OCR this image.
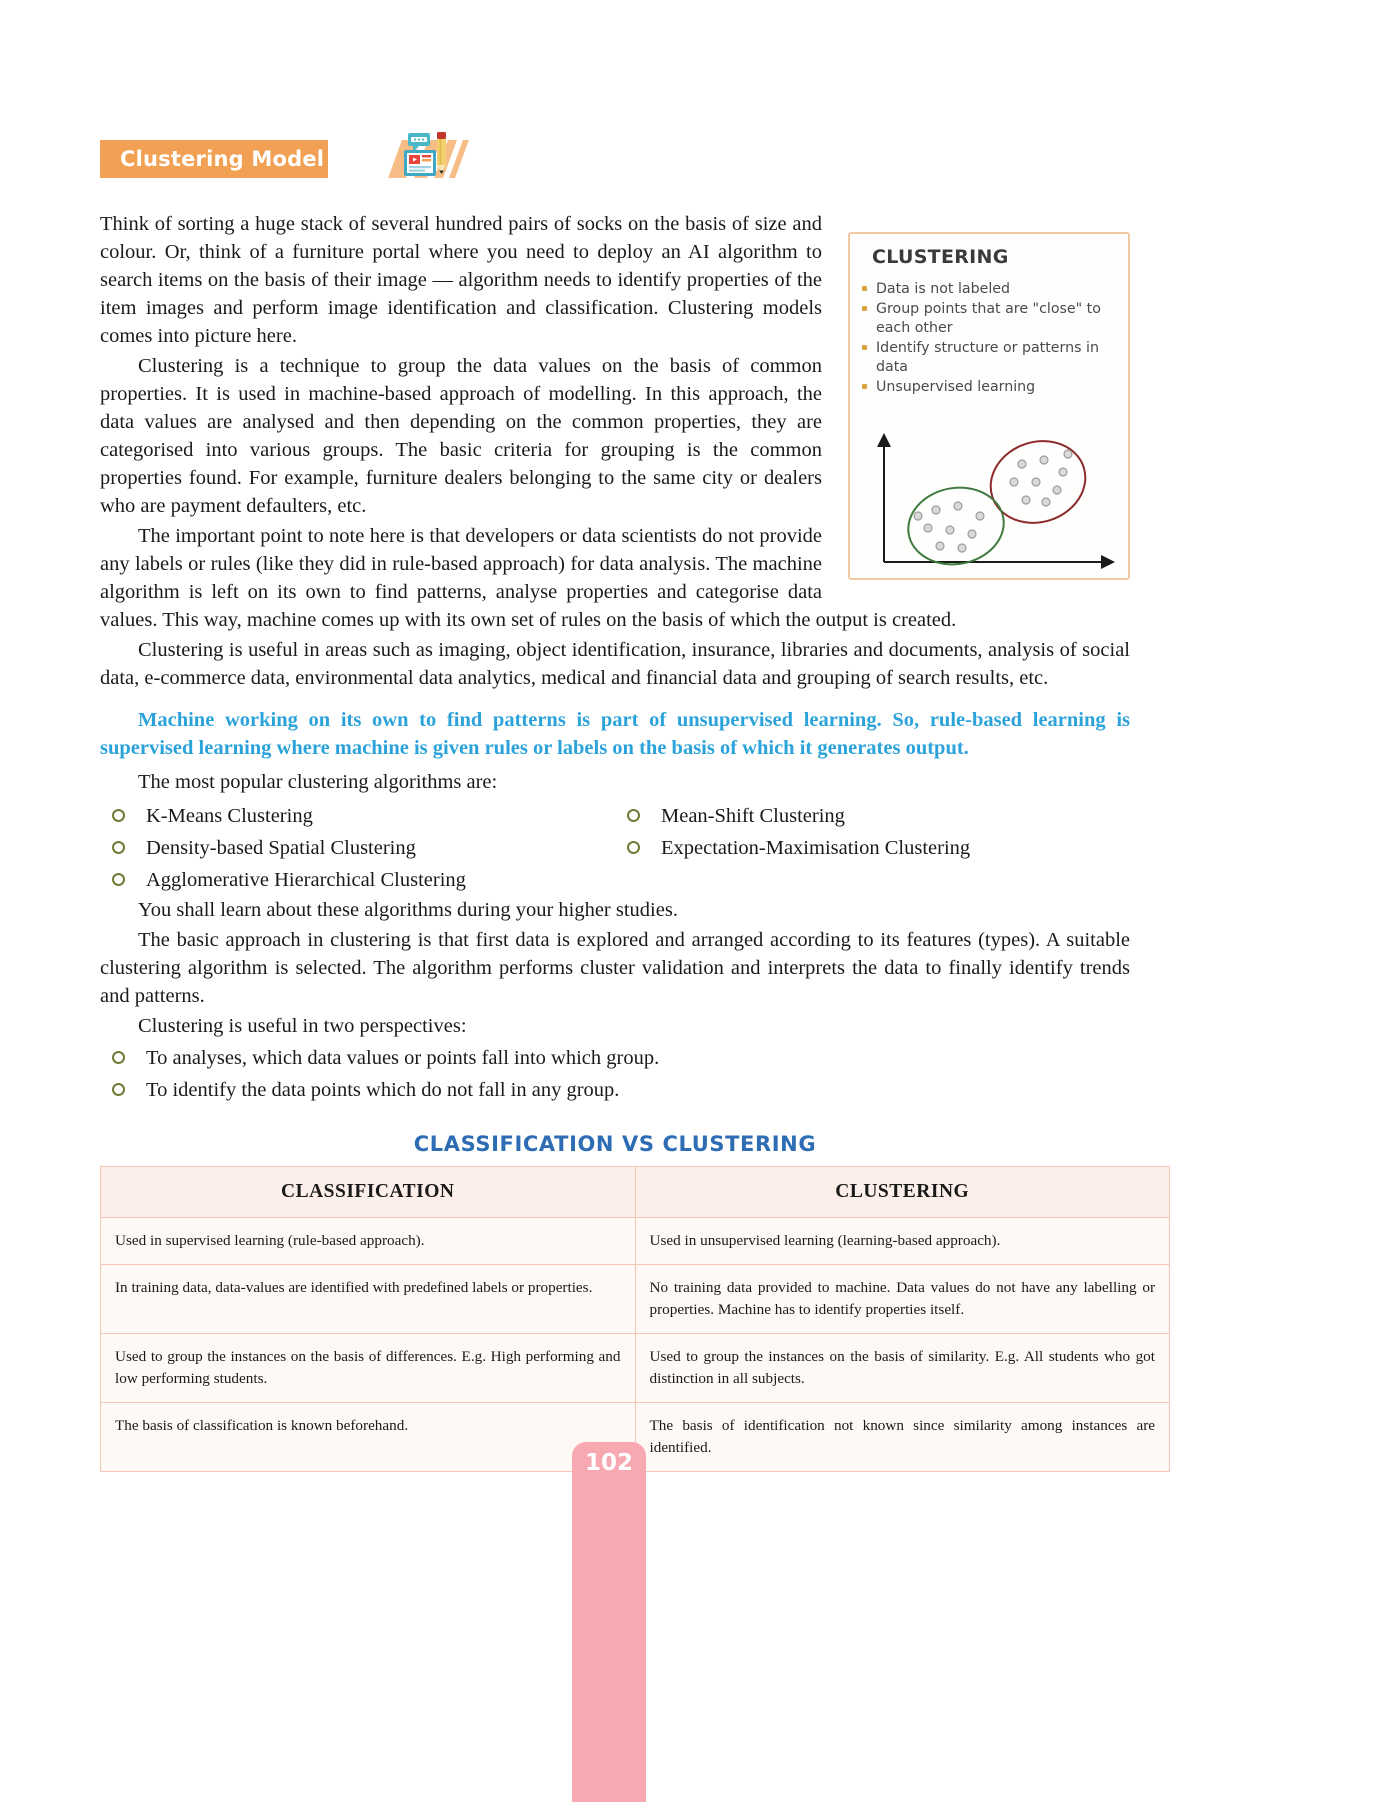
Clustering Model
CLUSTERING
Data is not labeled
Group points that are "close" to each other
Identify structure or patterns in data
Unsupervised learning

Think of sorting a huge stack of several hundred pairs of socks on the basis of size and colour. Or, think of a furniture portal where you need to deploy an AI algorithm to search items on the basis of their image — algorithm needs to identify properties of the item images and perform image identification and classification. Clustering models comes into picture here.

Clustering is a technique to group the data values on the basis of common properties. It is used in machine-based approach of modelling. In this approach, the data values are analysed and then depending on the common properties, they are categorised into various groups. The basic criteria for grouping is the common properties found. For example, furniture dealers belonging to the same city or dealers who are payment defaulters, etc.

The important point to note here is that developers or data scientists do not provide any labels or rules (like they did in rule-based approach) for data analysis. The machine algorithm is left on its own to find patterns, analyse properties and categorise data values. This way, machine comes up with its own set of rules on the basis of which the output is created.

Clustering is useful in areas such as imaging, object identification, insurance, libraries and documents, analysis of social data, e-commerce data, environmental data analytics, medical and financial data and grouping of search results, etc.

Machine working on its own to find patterns is part of unsupervised learning. So, rule-based learning is supervised learning where machine is given rules or labels on the basis of which it generates output.

The most popular clustering algorithms are:

K-Means Clustering
Density-based Spatial Clustering
Agglomerative Hierarchical Clustering
Mean-Shift Clustering
Expectation-Maximisation Clustering

You shall learn about these algorithms during your higher studies.

The basic approach in clustering is that first data is explored and arranged according to its features (types). A suitable clustering algorithm is selected. The algorithm performs cluster validation and interprets the data to finally identify trends and patterns.

Clustering is useful in two perspectives:

To analyses, which data values or points fall into which group.
To identify the data points which do not fall in any group.
CLASSIFICATION VS CLUSTERING
CLASSIFICATION	CLUSTERING
Used in supervised learning (rule-based approach).	Used in unsupervised learning (learning-based approach).
In training data, data-values are identified with predefined labels or properties.	No training data provided to machine. Data values do not have any labelling or properties. Machine has to identify properties itself.
Used to group the instances on the basis of differences. E.g. High performing and low performing students.	Used to group the instances on the basis of similarity. E.g. All students who got distinction in all subjects.
The basis of classification is known beforehand.	The basis of identification not known since similarity among instances are identified.
102
